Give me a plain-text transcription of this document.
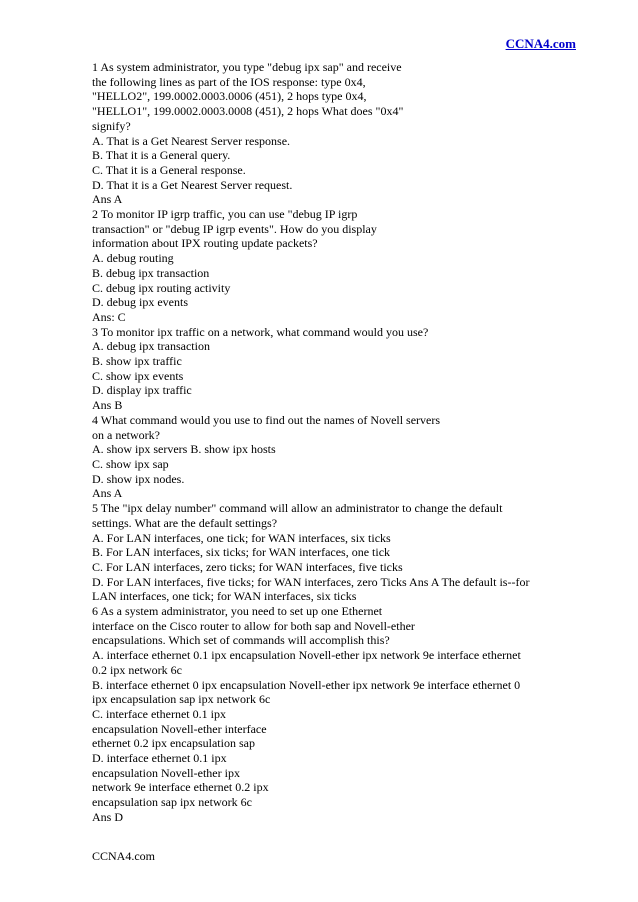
CCNA4.com
1 As system administrator, you type "debug ipx sap" and receive
the following lines as part of the IOS response: type 0x4,
"HELLO2", 199.0002.0003.0006 (451), 2 hops type 0x4,
"HELLO1", 199.0002.0003.0008 (451), 2 hops What does "0x4"
signify?
A. That is a Get Nearest Server response.
B. That it is a General query.
C. That it is a General response.
D. That it is a Get Nearest Server request.
Ans A
2 To monitor IP igrp traffic, you can use "debug IP igrp
transaction" or "debug IP igrp events". How do you display
information about IPX routing update packets?
A. debug routing
B. debug ipx transaction
C. debug ipx routing activity
D. debug ipx events
Ans: C
3 To monitor ipx traffic on a network, what command would you use?
A. debug ipx transaction
B. show ipx traffic
C. show ipx events
D. display ipx traffic
Ans B
4 What command would you use to find out the names of Novell servers
on a network?
A. show ipx servers B. show ipx hosts
C. show ipx sap
D. show ipx nodes.
Ans A
5 The "ipx delay number" command will allow an administrator to change the default
settings. What are the default settings?
A. For LAN interfaces, one tick; for WAN interfaces, six ticks
B. For LAN interfaces, six ticks; for WAN interfaces, one tick
C. For LAN interfaces, zero ticks; for WAN interfaces, five ticks
D. For LAN interfaces, five ticks; for WAN interfaces, zero Ticks Ans A The default is--for
LAN interfaces, one tick; for WAN interfaces, six ticks
6 As a system administrator, you need to set up one Ethernet
interface on the Cisco router to allow for both sap and Novell-ether
encapsulations. Which set of commands will accomplish this?
A. interface ethernet 0.1 ipx encapsulation Novell-ether ipx network 9e interface ethernet
0.2 ipx network 6c
B. interface ethernet 0 ipx encapsulation Novell-ether ipx network 9e interface ethernet 0
ipx encapsulation sap ipx network 6c
C. interface ethernet 0.1 ipx
encapsulation Novell-ether interface
ethernet 0.2 ipx encapsulation sap
D. interface ethernet 0.1 ipx
encapsulation Novell-ether ipx
network 9e interface ethernet 0.2 ipx
encapsulation sap ipx network 6c
Ans D
CCNA4.com
